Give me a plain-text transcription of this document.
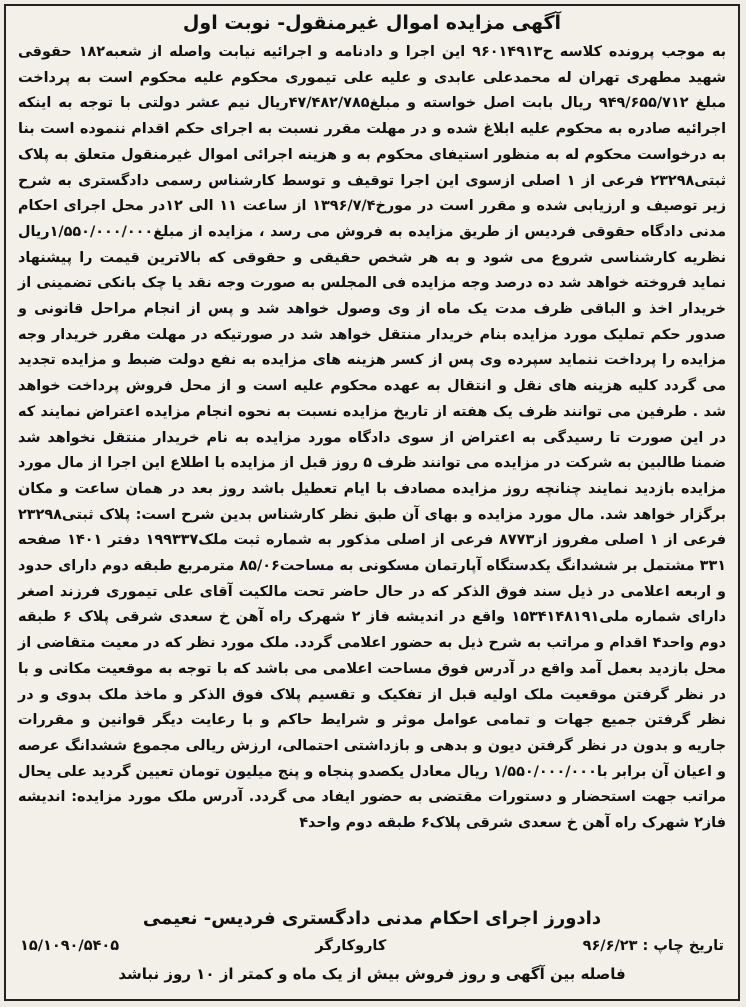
آگهی مزایده اموال غیرمنقول- نوبت اول

به موجب پرونده کلاسه ح۹۶۰۱۴۹۱۳ این اجرا و دادنامه و اجرائیه نیابت واصله از شعبه۱۸۲ حقوقی شهید مطهری تهران له محمدعلی عابدی و علیه علی تیموری محکوم علیه محکوم است به پرداخت مبلغ ۹۴۹/۶۵۵/۷۱۲ ریال بابت اصل خواسته و مبلغ۴۷/۴۸۲/۷۸۵ریال نیم عشر دولتی با توجه به اینکه اجرائیه صادره به محکوم علیه ابلاغ شده و در مهلت مقرر نسبت به اجرای حکم اقدام ننموده است بنا به درخواست محکوم له به منظور استیفای محکوم به و هزینه اجرائی اموال غیرمنقول متعلق به پلاک ثبتی۲۳۲۹۸ فرعی از ۱ اصلی ازسوی این اجرا توقیف و توسط کارشناس رسمی دادگستری به شرح زیر توصیف و ارزیابی شده و مقرر است در مورخ۱۳۹۶/۷/۴ از ساعت ۱۱ الی ۱۲در محل اجرای احکام مدنی دادگاه حقوقی فردیس از طریق مزایده به فروش می رسد ، مزایده از مبلغ۱/۵۵۰/۰۰۰/۰۰۰ریال نظریه کارشناسی شروع می شود و به هر شخص حقیقی و حقوقی که بالاترین قیمت را پیشنهاد نماید فروخته خواهد شد ده درصد وجه مزایده فی المجلس به صورت وجه نقد یا چک بانکی تضمینی از خریدار اخذ و الباقی ظرف مدت یک ماه از وی وصول خواهد شد و پس از انجام مراحل قانونی و صدور حکم تملیک مورد مزایده بنام خریدار منتقل خواهد شد در صورتیکه در مهلت مقرر خریدار وجه مزایده را پرداخت ننماید سپرده وی پس از کسر هزینه های مزایده به نفع دولت ضبط و مزایده تجدید می گردد کلیه هزینه های نقل و انتقال به عهده محکوم علیه است و از محل فروش پرداخت خواهد شد . طرفین می توانند ظرف یک هفته از تاریخ مزایده نسبت به نحوه انجام مزایده اعتراض نمایند که در این صورت تا رسیدگی به اعتراض از سوی دادگاه مورد مزایده به نام خریدار منتقل نخواهد شد ضمنا طالبین به شرکت در مزایده می توانند ظرف ۵ روز قبل از مزایده با اطلاع این اجرا از مال مورد مزایده بازدید نمایند چنانچه روز مزایده مصادف با ایام تعطیل باشد روز بعد در همان ساعت و مکان برگزار خواهد شد. مال مورد مزایده و بهای آن طبق نظر کارشناس بدین شرح است: پلاک ثبتی۲۳۲۹۸ فرعی از ۱ اصلی مفروز از۸۷۷۳ فرعی از اصلی مذکور به شماره ثبت ملک۱۹۹۳۳۷ دفتر ۱۴۰۱ صفحه ۳۳۱ مشتمل بر ششدانگ یکدستگاه آپارتمان مسکونی به مساحت۸۵/۰۶ مترمربع طبقه دوم دارای حدود و اربعه اعلامی در ذیل سند فوق الذکر که در حال حاضر تحت مالکیت آقای علی تیموری فرزند اصغر دارای شماره ملی۱۵۳۴۱۴۸۱۹۱ واقع در اندیشه فاز ۲ شهرک راه آهن خ سعدی شرقی پلاک ۶ طبقه دوم واحد۴ اقدام و مراتب به شرح ذیل به حضور اعلامی گردد. ملک مورد نظر که در معیت متقاضی از محل بازدید بعمل آمد واقع در آدرس فوق مساحت اعلامی می باشد که با توجه به موقعیت مکانی و با در نظر گرفتن موقعیت ملک اولیه قبل از تفکیک و تقسیم پلاک فوق الذکر و ماخذ ملک بدوی و در نظر گرفتن جمیع جهات و تمامی عوامل موثر و شرایط حاکم و با رعایت دیگر قوانین و مقررات جاریه و بدون در نظر گرفتن دیون و بدهی و بازداشتی احتمالی، ارزش ریالی مجموع ششدانگ عرصه و اعیان آن برابر با۱/۵۵۰/۰۰۰/۰۰۰ ریال معادل یکصدو پنجاه و پنج میلیون تومان تعیین گردید علی یحال مراتب جهت استحضار و دستورات مقتضی به حضور ایفاد می گردد. آدرس ملک مورد مزایده: اندیشه فاز۲ شهرک راه آهن خ سعدی شرقی پلاک۶ طبقه دوم واحد۴

دادورز اجرای احکام مدنی دادگستری فردیس- نعیمی
تاریخ چاپ : ۹۶/۶/۲۳
کاروکارگر
۱۵/۱۰۹۰/۵۴۰۵
فاصله بین آگهی و روز فروش بیش از یک ماه و کمتر از ۱۰ روز نباشد
